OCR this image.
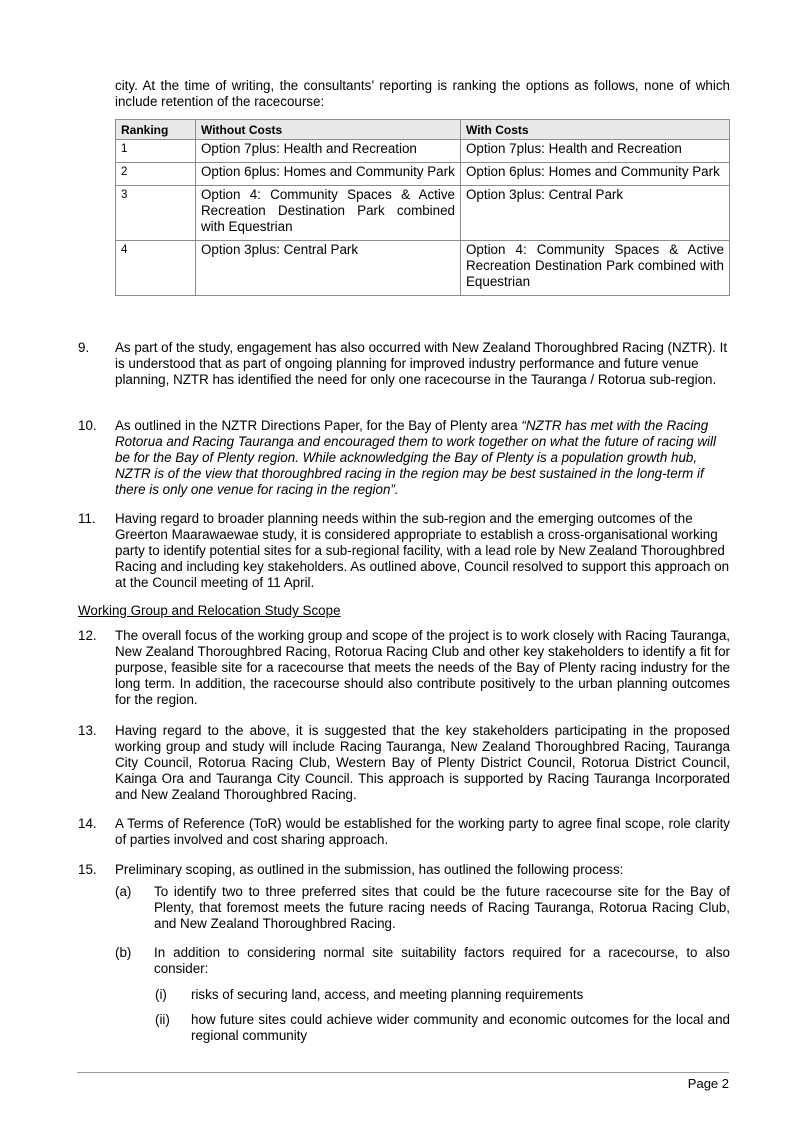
city. At the time of writing, the consultants’ reporting is ranking the options as follows, none of which include retention of the racecourse:
Ranking	Without Costs	With Costs
1	Option 7plus: Health and Recreation	Option 7plus: Health and Recreation
2	Option 6plus: Homes and Community Park	Option 6plus: Homes and Community Park
3	Option 4: Community Spaces & Active Recreation Destination Park combined with Equestrian	Option 3plus: Central Park
4	Option 3plus: Central Park	Option 4: Community Spaces & Active Recreation Destination Park combined with Equestrian
9.	As part of the study, engagement has also occurred with New Zealand Thoroughbred Racing (NZTR). It is understood that as part of ongoing planning for improved industry performance and future venue planning, NZTR has identified the need for only one racecourse in the Tauranga / Rotorua sub-region.
10.	As outlined in the NZTR Directions Paper, for the Bay of Plenty area “NZTR has met with the Racing Rotorua and Racing Tauranga and encouraged them to work together on what the future of racing will be for the Bay of Plenty region. While acknowledging the Bay of Plenty is a population growth hub, NZTR is of the view that thoroughbred racing in the region may be best sustained in the long-term if there is only one venue for racing in the region”.
11.	Having regard to broader planning needs within the sub-region and the emerging outcomes of the Greerton Maarawaewae study, it is considered appropriate to establish a cross-organisational working party to identify potential sites for a sub-regional facility, with a lead role by New Zealand Thoroughbred Racing and including key stakeholders. As outlined above, Council resolved to support this approach on at the Council meeting of 11 April.
Working Group and Relocation Study Scope
12.	The overall focus of the working group and scope of the project is to work closely with Racing Tauranga, New Zealand Thoroughbred Racing, Rotorua Racing Club and other key stakeholders to identify a fit for purpose, feasible site for a racecourse that meets the needs of the Bay of Plenty racing industry for the long term. In addition, the racecourse should also contribute positively to the urban planning outcomes for the region.
13.	Having regard to the above, it is suggested that the key stakeholders participating in the proposed working group and study will include Racing Tauranga, New Zealand Thoroughbred Racing, Tauranga City Council, Rotorua Racing Club, Western Bay of Plenty District Council, Rotorua District Council, Kainga Ora and Tauranga City Council. This approach is supported by Racing Tauranga Incorporated and New Zealand Thoroughbred Racing.
14.	A Terms of Reference (ToR) would be established for the working party to agree final scope, role clarity of parties involved and cost sharing approach.
15.	Preliminary scoping, as outlined in the submission, has outlined the following process:
(a) To identify two to three preferred sites that could be the future racecourse site for the Bay of Plenty, that foremost meets the future racing needs of Racing Tauranga, Rotorua Racing Club, and New Zealand Thoroughbred Racing.
(b) In addition to considering normal site suitability factors required for a racecourse, to also consider:
(i) risks of securing land, access, and meeting planning requirements
(ii) how future sites could achieve wider community and economic outcomes for the local and regional community
Page 2
